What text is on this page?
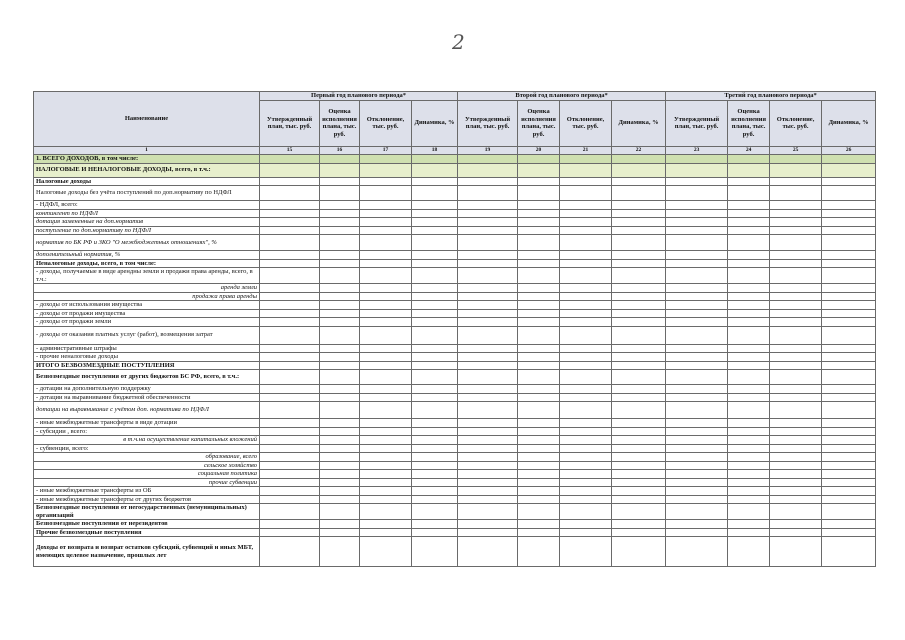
2
Наименование	Первый год планового периода*				Второй год планового периода*				Третий год планового периода*			
	Утвержденный план, тыс. руб.	Оценка исполнения плана, тыс. руб.	Отклонение, тыс. руб.	Динамика, %	Утвержденный план, тыс. руб.	Оценка исполнения плана, тыс. руб.	Отклонение, тыс. руб.	Динамика, %	Утвержденный план, тыс. руб.	Оценка исполнения плана, тыс. руб.	Отклонение, тыс. руб.	Динамика, %
1	15	16	17	18	19	20	21	22	23	24	25	26
1. ВСЕГО ДОХОДОВ, в том числе:												
НАЛОГОВЫЕ И НЕНАЛОГОВЫЕ ДОХОДЫ, всего, в т.ч.:												
Налоговые доходы												
Налоговые доходы без учёта поступлений по доп.нормативу по НДФЛ												
- НДФЛ, всего:												
контингент по НДФЛ												
дотация замененные на доп.норматив												
поступление по доп.нормативу по НДФЛ												
норматив по БК РФ и ЗКО "О межбюджетных отношениях", %												
дополнительный норматив, %												
Неналоговые доходы, всего, в том числе:												
- доходы, получаемые в виде арендны земли и продажи права аренды, всего, в т.ч.:												
аренда земли												
продажа права аренды												
- доходы от использования имущества												
- доходы от продажи имущества												
- доходы от продажи земли												
- доходы от оказания платных услуг (работ), возмещения затрат												
- административные штрафы												
- прочие неналоговые доходы												
ИТОГО БЕЗВОЗМЕЗДНЫЕ ПОСТУПЛЕНИЯ												
Безвозмездные поступления от других бюджетов БС РФ, всего, в т.ч.:												
- дотации на дополнительную поддержку												
- дотации на выравнивание бюджетной обеспеченности												
дотации на выравнивание с учётом доп. норматива по НДФЛ												
- иные межбюджетные трансферты в виде дотации												
- субсидии , всего:												
в т.ч.на осуществление капитальных вложений												
- субвенции, всего:												
образование, всего												
сельское хозяйство												
социальная политика												
прочие субвенции												
- иные межбюджетные трансферты из ОБ												
- иные межбюджетные трансферты от других бюджетов												
Безвозмездные поступления от негосударственных (немуниципальных) организаций												
Безвозмездные поступления от нерезидентов												
Прочие безвозмездные поступления												
Доходы от возврата и возврат остатков субсидий, субвенций и иных МБТ, имеющих целевое назначение, прошлых лет												
